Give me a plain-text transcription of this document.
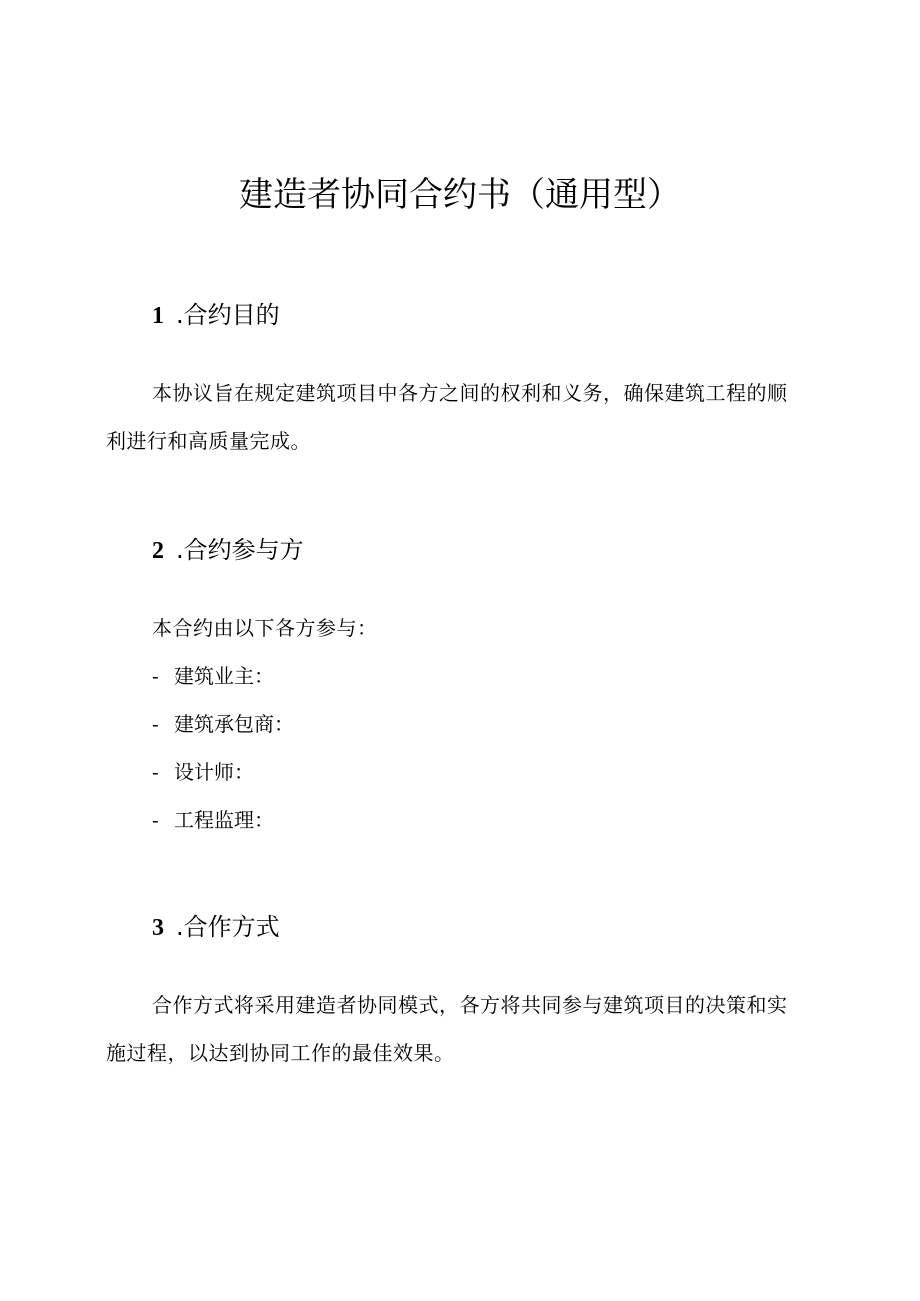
建造者协同合约书（通用型）
1 .合约目的

本协议旨在规定建筑项目中各方之间的权利和义务，确保建筑工程的顺利进行和高质量完成。

2 .合约参与方

本合约由以下各方参与：

- 建筑业主：
- 建筑承包商：
- 设计师：
- 工程监理：
3 .合作方式

合作方式将采用建造者协同模式，各方将共同参与建筑项目的决策和实施过程，以达到协同工作的最佳效果。
